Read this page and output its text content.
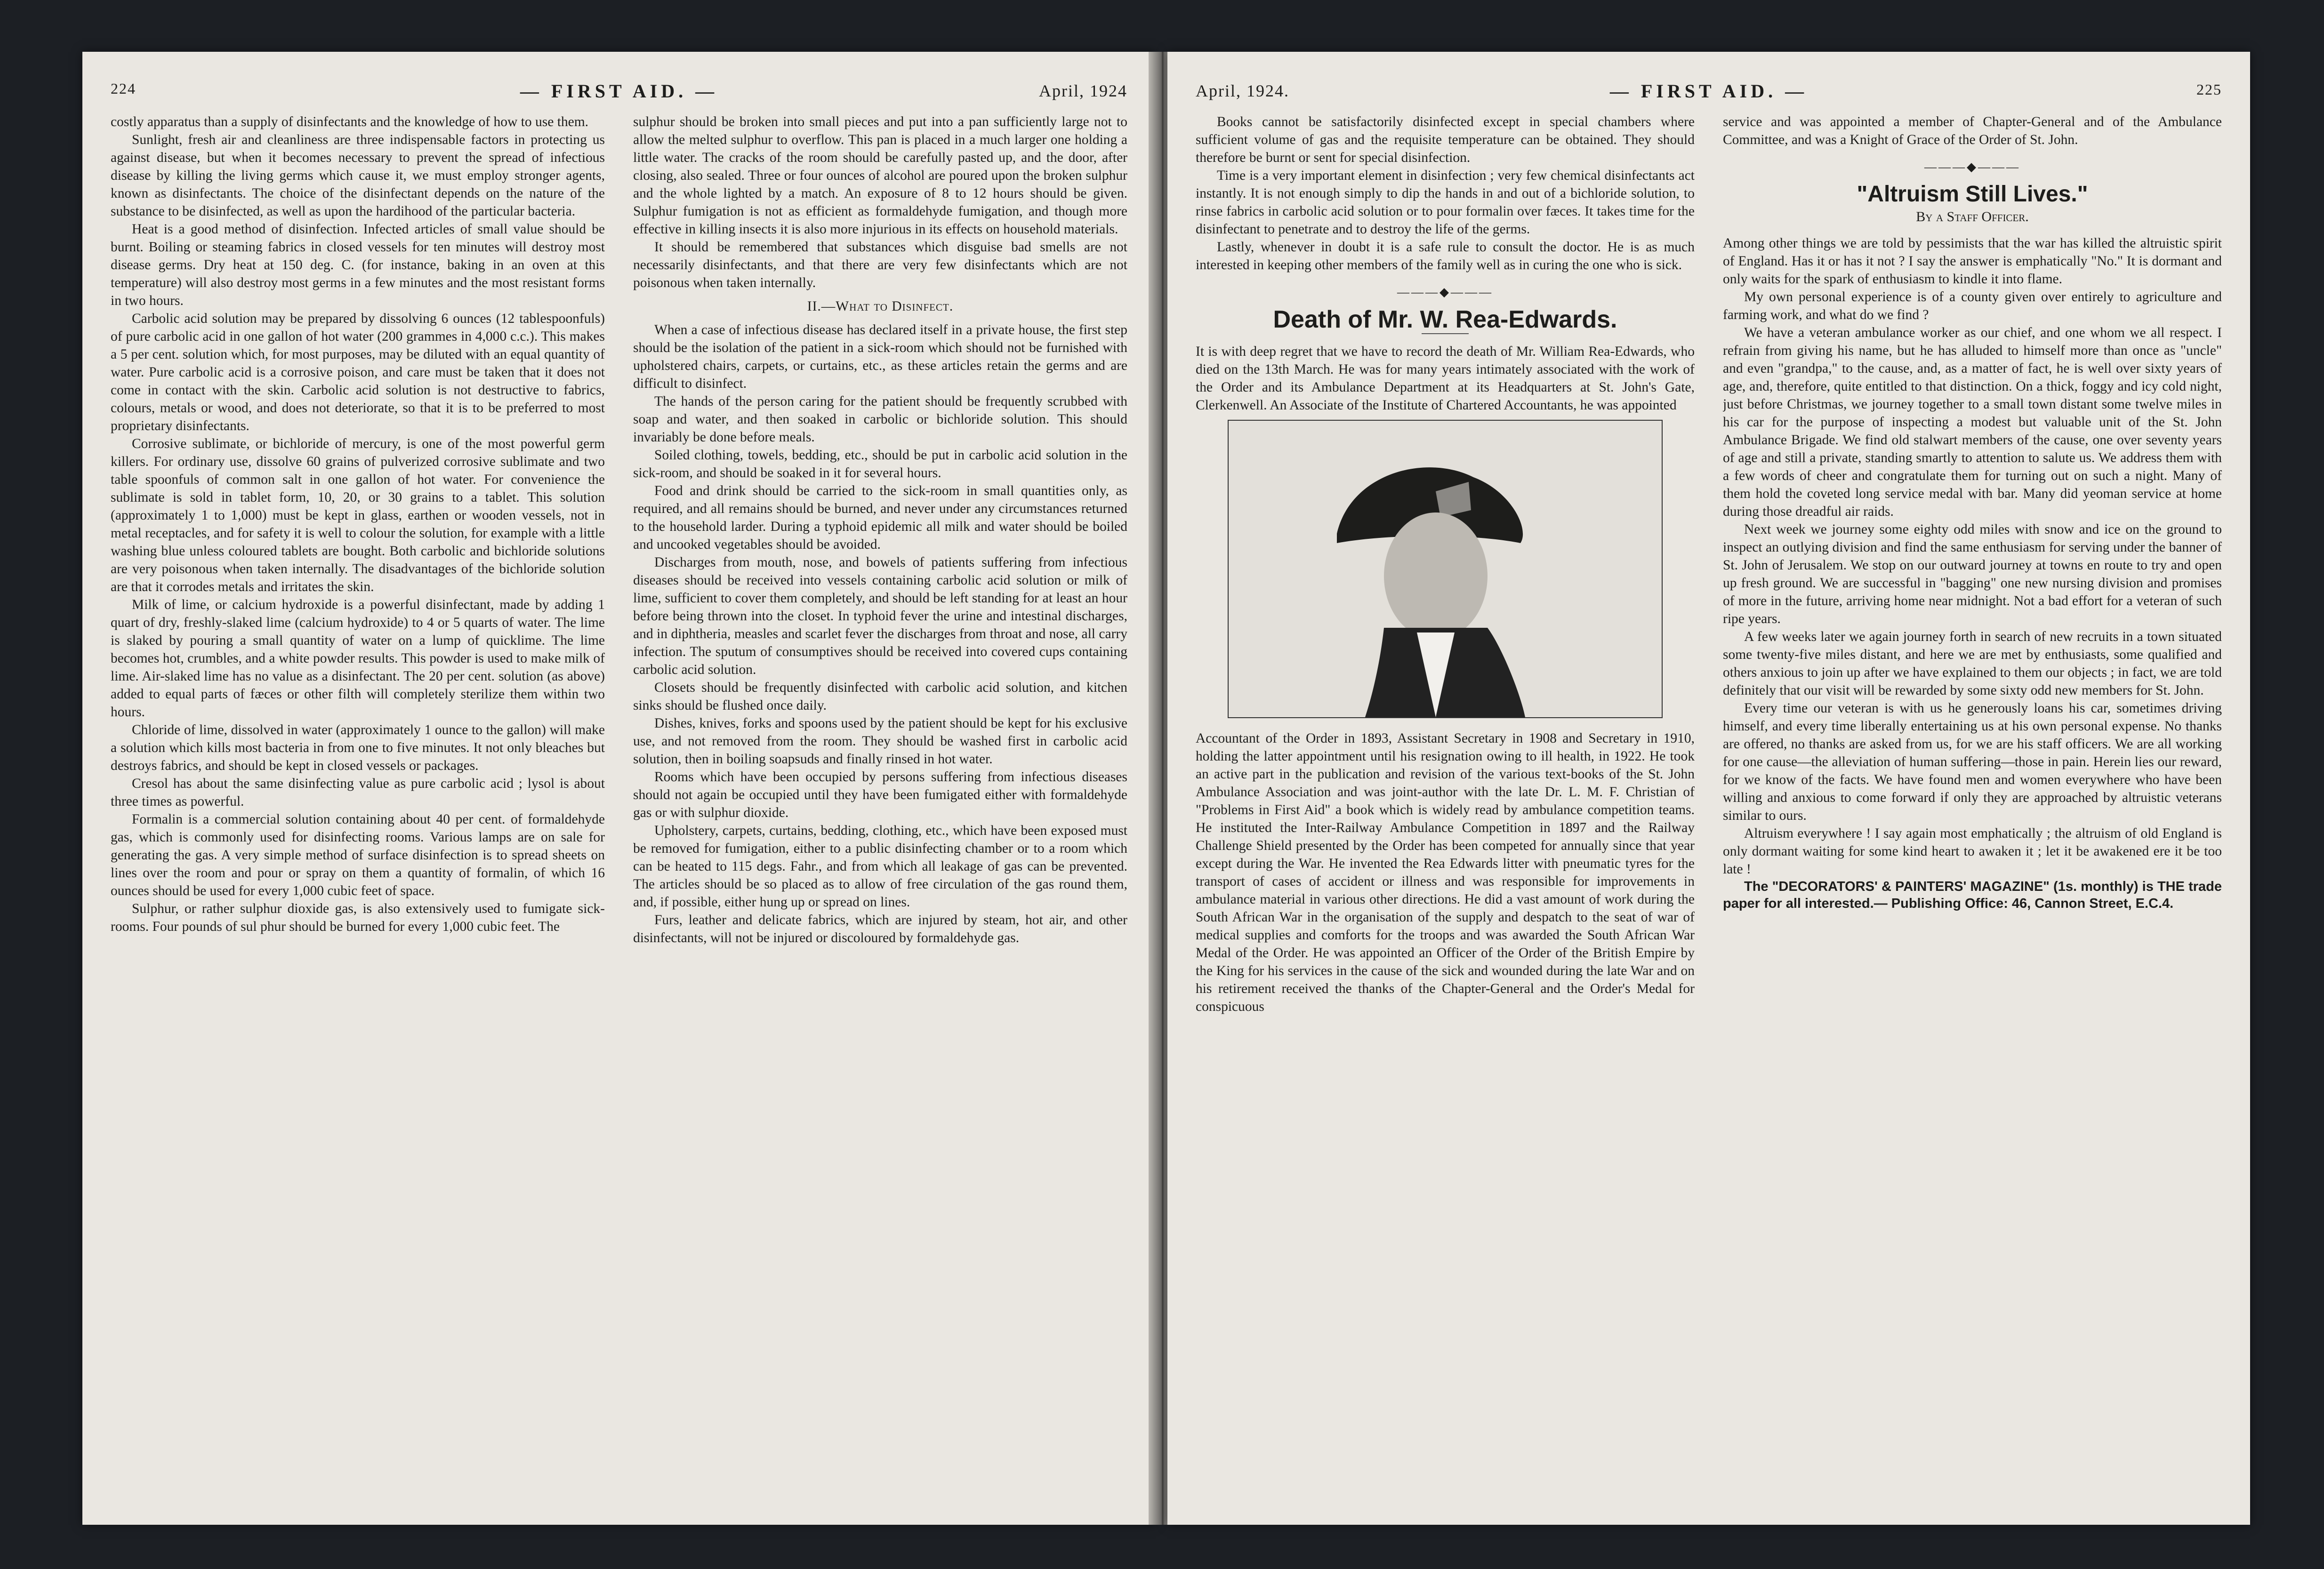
224	— FIRST AID. —	April, 1924

costly apparatus than a supply of disinfectants and the knowledge of how to use them.

Sunlight, fresh air and cleanliness are three indispensable factors in protecting us against disease, but when it becomes necessary to prevent the spread of infectious disease by killing the living germs which cause it, we must employ stronger agents, known as disinfectants. The choice of the disinfectant depends on the nature of the substance to be disinfected, as well as upon the hardihood of the particular bacteria.

Heat is a good method of disinfection. Infected articles of small value should be burnt. Boiling or steaming fabrics in closed vessels for ten minutes will destroy most disease germs. Dry heat at 150 deg. C. (for instance, baking in an oven at this temperature) will also destroy most germs in a few minutes and the most resistant forms in two hours.

Carbolic acid solution may be prepared by dissolving 6 ounces (12 tablespoonfuls) of pure carbolic acid in one gallon of hot water (200 grammes in 4,000 c.c.). This makes a 5 per cent. solution which, for most purposes, may be diluted with an equal quantity of water. Pure carbolic acid is a corrosive poison, and care must be taken that it does not come in contact with the skin. Carbolic acid solution is not destructive to fabrics, colours, metals or wood, and does not deteriorate, so that it is to be preferred to most proprietary disinfectants.

Corrosive sublimate, or bichloride of mercury, is one of the most powerful germ killers. For ordinary use, dissolve 60 grains of pulverized corrosive sublimate and two table spoonfuls of common salt in one gallon of hot water. For convenience the sublimate is sold in tablet form, 10, 20, or 30 grains to a tablet. This solution (approximately 1 to 1,000) must be kept in glass, earthen or wooden vessels, not in metal receptacles, and for safety it is well to colour the solution, for example with a little washing blue unless coloured tablets are bought. Both carbolic and bichloride solutions are very poisonous when taken internally. The disadvantages of the bichloride solution are that it corrodes metals and irritates the skin.

Milk of lime, or calcium hydroxide is a powerful disinfectant, made by adding 1 quart of dry, freshly-slaked lime (calcium hydroxide) to 4 or 5 quarts of water. The lime is slaked by pouring a small quantity of water on a lump of quicklime. The lime becomes hot, crumbles, and a white powder results. This powder is used to make milk of lime. Air-slaked lime has no value as a disinfectant. The 20 per cent. solution (as above) added to equal parts of fæces or other filth will completely sterilize them within two hours.

Chloride of lime, dissolved in water (approximately 1 ounce to the gallon) will make a solution which kills most bacteria in from one to five minutes. It not only bleaches but destroys fabrics, and should be kept in closed vessels or packages.

Cresol has about the same disinfecting value as pure carbolic acid ; lysol is about three times as powerful.

Formalin is a commercial solution containing about 40 per cent. of formaldehyde gas, which is commonly used for disinfecting rooms. Various lamps are on sale for generating the gas. A very simple method of surface disinfection is to spread sheets on lines over the room and pour or spray on them a quantity of formalin, of which 16 ounces should be used for every 1,000 cubic feet of space.

Sulphur, or rather sulphur dioxide gas, is also extensively used to fumigate sick-rooms. Four pounds of sul phur should be burned for every 1,000 cubic feet. The

sulphur should be broken into small pieces and put into a pan sufficiently large not to allow the melted sulphur to overflow. This pan is placed in a much larger one holding a little water. The cracks of the room should be carefully pasted up, and the door, after closing, also sealed. Three or four ounces of alcohol are poured upon the broken sulphur and the whole lighted by a match. An exposure of 8 to 12 hours should be given. Sulphur fumigation is not as efficient as formaldehyde fumigation, and though more effective in killing insects it is also more injurious in its effects on household materials.

It should be remembered that substances which disguise bad smells are not necessarily disinfectants, and that there are very few disinfectants which are not poisonous when taken internally.

II.—What to Disinfect.

When a case of infectious disease has declared itself in a private house, the first step should be the isolation of the patient in a sick-room which should not be furnished with upholstered chairs, carpets, or curtains, etc., as these articles retain the germs and are difficult to disinfect.

The hands of the person caring for the patient should be frequently scrubbed with soap and water, and then soaked in carbolic or bichloride solution. This should invariably be done before meals.

Soiled clothing, towels, bedding, etc., should be put in carbolic acid solution in the sick-room, and should be soaked in it for several hours.

Food and drink should be carried to the sick-room in small quantities only, as required, and all remains should be burned, and never under any circumstances returned to the household larder. During a typhoid epidemic all milk and water should be boiled and uncooked vegetables should be avoided.

Discharges from mouth, nose, and bowels of patients suffering from infectious diseases should be received into vessels containing carbolic acid solution or milk of lime, sufficient to cover them completely, and should be left standing for at least an hour before being thrown into the closet. In typhoid fever the urine and intestinal discharges, and in diphtheria, measles and scarlet fever the discharges from throat and nose, all carry infection. The sputum of consumptives should be received into covered cups containing carbolic acid solution.

Closets should be frequently disinfected with carbolic acid solution, and kitchen sinks should be flushed once daily.

Dishes, knives, forks and spoons used by the patient should be kept for his exclusive use, and not removed from the room. They should be washed first in carbolic acid solution, then in boiling soapsuds and finally rinsed in hot water.

Rooms which have been occupied by persons suffering from infectious diseases should not again be occupied until they have been fumigated either with formaldehyde gas or with sulphur dioxide.

Upholstery, carpets, curtains, bedding, clothing, etc., which have been exposed must be removed for fumigation, either to a public disinfecting chamber or to a room which can be heated to 115 degs. Fahr., and from which all leakage of gas can be prevented. The articles should be so placed as to allow of free circulation of the gas round them, and, if possible, either hung up or spread on lines.

Furs, leather and delicate fabrics, which are injured by steam, hot air, and other disinfectants, will not be injured or discoloured by formaldehyde gas.

April, 1924.	— FIRST AID. —	225

Books cannot be satisfactorily disinfected except in special chambers where sufficient volume of gas and the requisite temperature can be obtained. They should therefore be burnt or sent for special disinfection.

Time is a very important element in disinfection ; very few chemical disinfectants act instantly. It is not enough simply to dip the hands in and out of a bichloride solution, to rinse fabrics in carbolic acid solution or to pour formalin over fæces. It takes time for the disinfectant to penetrate and to destroy the life of the germs.

Lastly, whenever in doubt it is a safe rule to consult the doctor. He is as much interested in keeping other members of the family well as in curing the one who is sick.

———◆———
Death of Mr. W. Rea-Edwards.

It is with deep regret that we have to record the death of Mr. William Rea-Edwards, who died on the 13th March. He was for many years intimately associated with the work of the Order and its Ambulance Department at its Headquarters at St. John's Gate, Clerkenwell. An Associate of the Institute of Chartered Accountants, he was appointed

Accountant of the Order in 1893, Assistant Secretary in 1908 and Secretary in 1910, holding the latter appointment until his resignation owing to ill health, in 1922. He took an active part in the publication and revision of the various text-books of the St. John Ambulance Association and was joint-author with the late Dr. L. M. F. Christian of "Problems in First Aid" a book which is widely read by ambulance competition teams. He instituted the Inter-Railway Ambulance Competition in 1897 and the Railway Challenge Shield presented by the Order has been competed for annually since that year except during the War. He invented the Rea Edwards litter with pneumatic tyres for the transport of cases of accident or illness and was responsible for improvements in ambulance material in various other directions. He did a vast amount of work during the South African War in the organisation of the supply and despatch to the seat of war of medical supplies and comforts for the troops and was awarded the South African War Medal of the Order. He was appointed an Officer of the Order of the British Empire by the King for his services in the cause of the sick and wounded during the late War and on his retirement received the thanks of the Chapter-General and the Order's Medal for conspicuous

service and was appointed a member of Chapter-General and of the Ambulance Committee, and was a Knight of Grace of the Order of St. John.

———◆———
"Altruism Still Lives."
By a Staff Officer.

Among other things we are told by pessimists that the war has killed the altruistic spirit of England. Has it or has it not ? I say the answer is emphatically "No." It is dormant and only waits for the spark of enthusiasm to kindle it into flame.

My own personal experience is of a county given over entirely to agriculture and farming work, and what do we find ?

We have a veteran ambulance worker as our chief, and one whom we all respect. I refrain from giving his name, but he has alluded to himself more than once as "uncle" and even "grandpa," to the cause, and, as a matter of fact, he is well over sixty years of age, and, therefore, quite entitled to that distinction. On a thick, foggy and icy cold night, just before Christmas, we journey together to a small town distant some twelve miles in his car for the purpose of inspecting a modest but valuable unit of the St. John Ambulance Brigade. We find old stalwart members of the cause, one over seventy years of age and still a private, standing smartly to attention to salute us. We address them with a few words of cheer and congratulate them for turning out on such a night. Many of them hold the coveted long service medal with bar. Many did yeoman service at home during those dreadful air raids.

Next week we journey some eighty odd miles with snow and ice on the ground to inspect an outlying division and find the same enthusiasm for serving under the banner of St. John of Jerusalem. We stop on our outward journey at towns en route to try and open up fresh ground. We are successful in "bagging" one new nursing division and promises of more in the future, arriving home near midnight. Not a bad effort for a veteran of such ripe years.

A few weeks later we again journey forth in search of new recruits in a town situated some twenty-five miles distant, and here we are met by enthusiasts, some qualified and others anxious to join up after we have explained to them our objects ; in fact, we are told definitely that our visit will be rewarded by some sixty odd new members for St. John.

Every time our veteran is with us he generously loans his car, sometimes driving himself, and every time liberally entertaining us at his own personal expense. No thanks are offered, no thanks are asked from us, for we are his staff officers. We are all working for one cause—the alleviation of human suffering—those in pain. Herein lies our reward, for we know of the facts. We have found men and women everywhere who have been willing and anxious to come forward if only they are approached by altruistic veterans similar to ours.

Altruism everywhere ! I say again most emphatically ; the altruism of old England is only dormant waiting for some kind heart to awaken it ; let it be awakened ere it be too late !

The "DECORATORS' & PAINTERS' MAGAZINE" (1s. monthly) is THE trade paper for all interested.— Publishing Office: 46, Cannon Street, E.C.4.
